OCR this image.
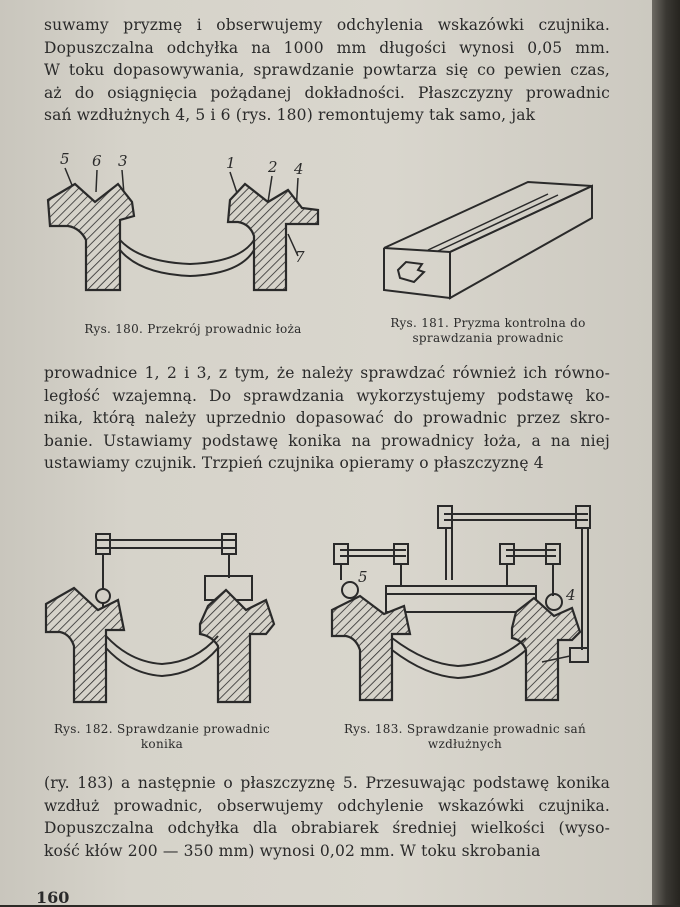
suwamy pryzmę i obserwujemy odchylenia wskazówki czujnika.
Dopuszczalna odchyłka na 1000 mm długości wynosi 0,05 mm.
W toku dopasowywania, sprawdzanie powtarza się co pewien czas,
aż do osiągnięcia pożądanej dokładności. Płaszczyzny prowadnic
sań wzdłużnych 4, 5 i 6 (rys. 180) remontujemy tak samo, jak

5 6 3	1 2 4
7
Rys. 180. Przekrój prowadnic łoża	Rys. 181. Pryzma kontrolna do
sprawdzania prowadnic

prowadnice 1, 2 i 3, z tym, że należy sprawdzać również ich równo-
ległość wzajemną. Do sprawdzania wykorzystujemy podstawę ko-
nika, którą należy uprzednio dopasować do prowadnic przez skro-
banie. Ustawiamy podstawę konika na prowadnicy łoża, a na niej
ustawiamy czujnik. Trzpień czujnika opieramy o płaszczyznę 4

Rys. 182. Sprawdzanie prowadnic
konika
5
4
Rys. 183. Sprawdzanie prowadnic sań
wzdłużnych

(ry. 183) a następnie o płaszczyznę 5. Przesuwając podstawę konika
wzdłuż prowadnic, obserwujemy odchylenie wskazówki czujnika.
Dopuszczalna odchyłka dla obrabiarek średniej wielkości (wyso-
kość kłów 200 — 350 mm) wynosi 0,02 mm. W toku skrobania

160
